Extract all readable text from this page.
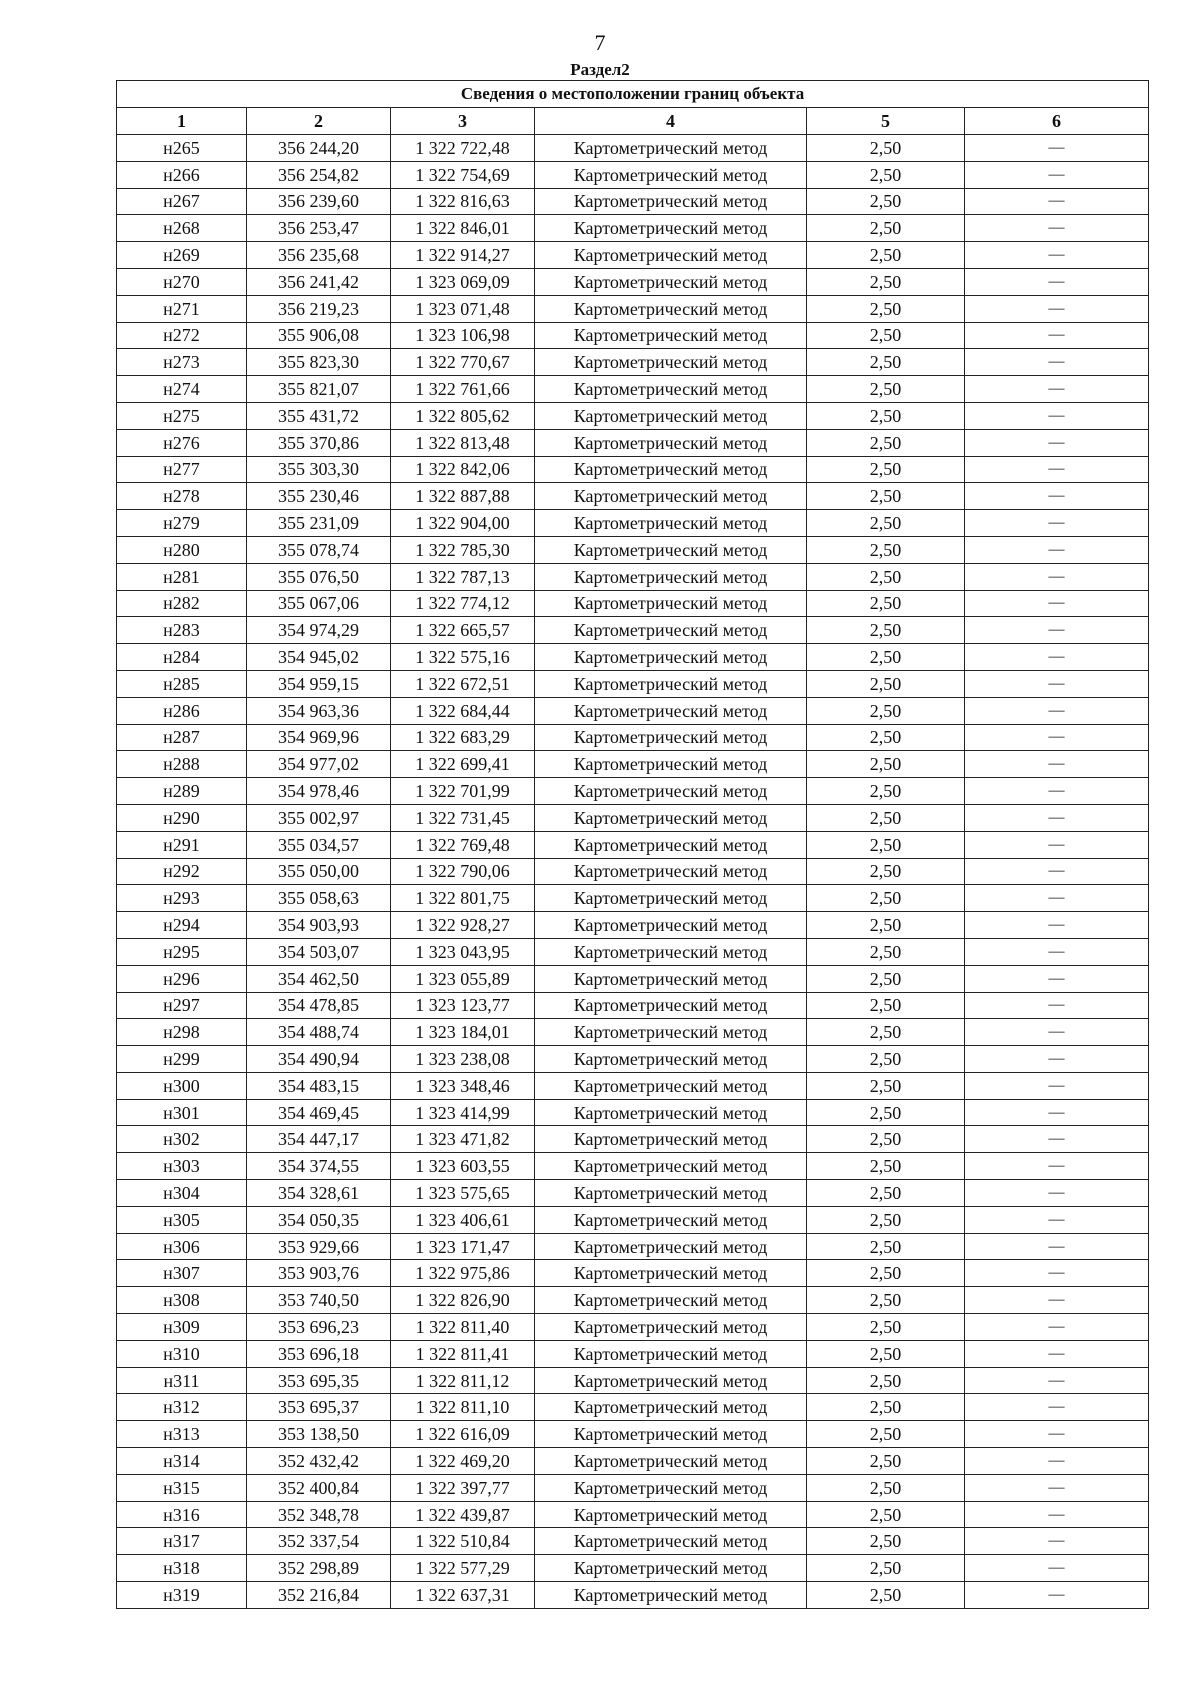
7
Раздел2
Сведения о местоположении границ объекта					
1	2	3	4	5	6
н265	356 244,20	1 322 722,48	Картометрический метод	2,50	—
н266	356 254,82	1 322 754,69	Картометрический метод	2,50	—
н267	356 239,60	1 322 816,63	Картометрический метод	2,50	—
н268	356 253,47	1 322 846,01	Картометрический метод	2,50	—
н269	356 235,68	1 322 914,27	Картометрический метод	2,50	—
н270	356 241,42	1 323 069,09	Картометрический метод	2,50	—
н271	356 219,23	1 323 071,48	Картометрический метод	2,50	—
н272	355 906,08	1 323 106,98	Картометрический метод	2,50	—
н273	355 823,30	1 322 770,67	Картометрический метод	2,50	—
н274	355 821,07	1 322 761,66	Картометрический метод	2,50	—
н275	355 431,72	1 322 805,62	Картометрический метод	2,50	—
н276	355 370,86	1 322 813,48	Картометрический метод	2,50	—
н277	355 303,30	1 322 842,06	Картометрический метод	2,50	—
н278	355 230,46	1 322 887,88	Картометрический метод	2,50	—
н279	355 231,09	1 322 904,00	Картометрический метод	2,50	—
н280	355 078,74	1 322 785,30	Картометрический метод	2,50	—
н281	355 076,50	1 322 787,13	Картометрический метод	2,50	—
н282	355 067,06	1 322 774,12	Картометрический метод	2,50	—
н283	354 974,29	1 322 665,57	Картометрический метод	2,50	—
н284	354 945,02	1 322 575,16	Картометрический метод	2,50	—
н285	354 959,15	1 322 672,51	Картометрический метод	2,50	—
н286	354 963,36	1 322 684,44	Картометрический метод	2,50	—
н287	354 969,96	1 322 683,29	Картометрический метод	2,50	—
н288	354 977,02	1 322 699,41	Картометрический метод	2,50	—
н289	354 978,46	1 322 701,99	Картометрический метод	2,50	—
н290	355 002,97	1 322 731,45	Картометрический метод	2,50	—
н291	355 034,57	1 322 769,48	Картометрический метод	2,50	—
н292	355 050,00	1 322 790,06	Картометрический метод	2,50	—
н293	355 058,63	1 322 801,75	Картометрический метод	2,50	—
н294	354 903,93	1 322 928,27	Картометрический метод	2,50	—
н295	354 503,07	1 323 043,95	Картометрический метод	2,50	—
н296	354 462,50	1 323 055,89	Картометрический метод	2,50	—
н297	354 478,85	1 323 123,77	Картометрический метод	2,50	—
н298	354 488,74	1 323 184,01	Картометрический метод	2,50	—
н299	354 490,94	1 323 238,08	Картометрический метод	2,50	—
н300	354 483,15	1 323 348,46	Картометрический метод	2,50	—
н301	354 469,45	1 323 414,99	Картометрический метод	2,50	—
н302	354 447,17	1 323 471,82	Картометрический метод	2,50	—
н303	354 374,55	1 323 603,55	Картометрический метод	2,50	—
н304	354 328,61	1 323 575,65	Картометрический метод	2,50	—
н305	354 050,35	1 323 406,61	Картометрический метод	2,50	—
н306	353 929,66	1 323 171,47	Картометрический метод	2,50	—
н307	353 903,76	1 322 975,86	Картометрический метод	2,50	—
н308	353 740,50	1 322 826,90	Картометрический метод	2,50	—
н309	353 696,23	1 322 811,40	Картометрический метод	2,50	—
н310	353 696,18	1 322 811,41	Картометрический метод	2,50	—
н311	353 695,35	1 322 811,12	Картометрический метод	2,50	—
н312	353 695,37	1 322 811,10	Картометрический метод	2,50	—
н313	353 138,50	1 322 616,09	Картометрический метод	2,50	—
н314	352 432,42	1 322 469,20	Картометрический метод	2,50	—
н315	352 400,84	1 322 397,77	Картометрический метод	2,50	—
н316	352 348,78	1 322 439,87	Картометрический метод	2,50	—
н317	352 337,54	1 322 510,84	Картометрический метод	2,50	—
н318	352 298,89	1 322 577,29	Картометрический метод	2,50	—
н319	352 216,84	1 322 637,31	Картометрический метод	2,50	—
